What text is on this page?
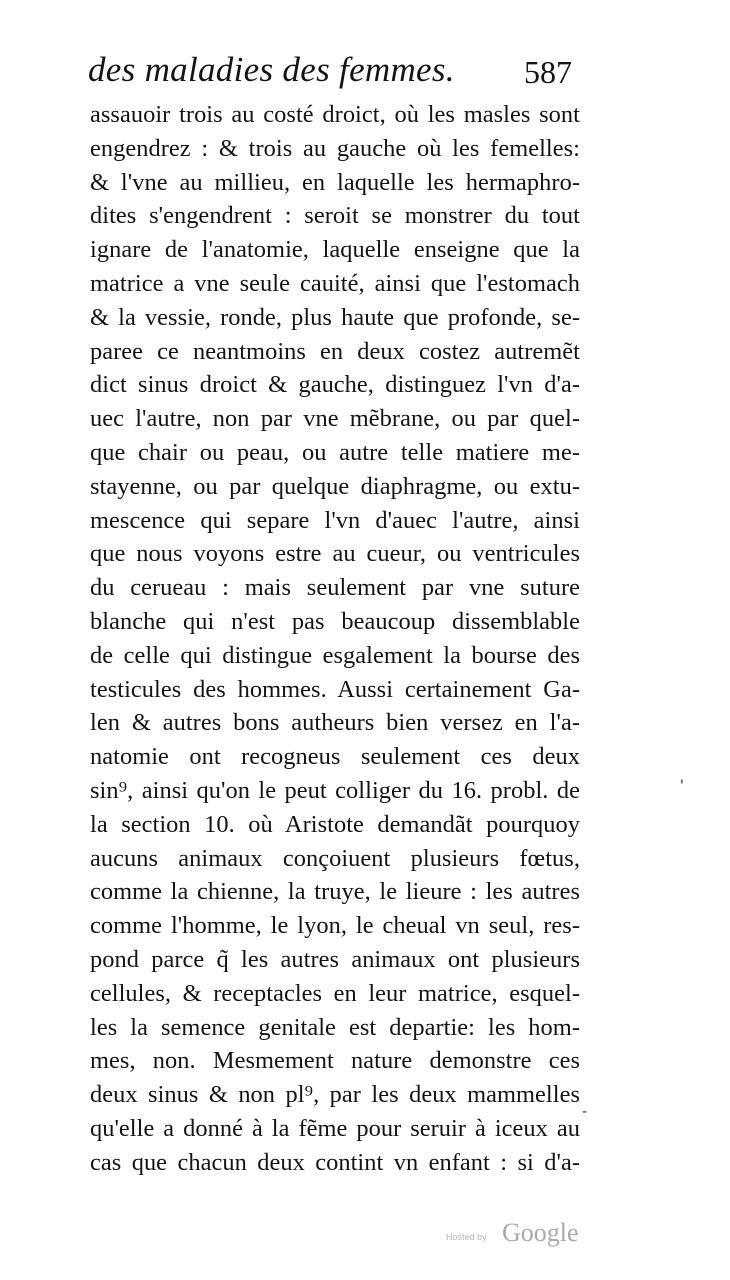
des maladies des femmes. 587
assauoir trois au costé droict, où les masles sont
engendrez : & trois au gauche où les femelles:
& l'vne au millieu, en laquelle les hermaphro-
dites s'engendrent : seroit se monstrer du tout
ignare de l'anatomie, laquelle enseigne que la
matrice a vne seule cauité, ainsi que l'estomach
& la vessie, ronde, plus haute que profonde, se-
paree ce neantmoins en deux costez autremẽt
dict sinus droict & gauche, distinguez l'vn d'a-
uec l'autre, non par vne mẽbrane, ou par quel-
que chair ou peau, ou autre telle matiere me-
stayenne, ou par quelque diaphragme, ou extu-
mescence qui separe l'vn d'auec l'autre, ainsi
que nous voyons estre au cueur, ou ventricules
du cerueau : mais seulement par vne suture
blanche qui n'est pas beaucoup dissemblable
de celle qui distingue esgalement la bourse des
testicules des hommes. Aussi certainement Ga-
len & autres bons autheurs bien versez en l'a-
natomie ont recogneus seulement ces deux
sin⁹, ainsi qu'on le peut colliger du 16. probl. de
la section 10. où Aristote demandãt pourquoy
aucuns animaux conçoiuent plusieurs fœtus,
comme la chienne, la truye, le lieure : les autres
comme l'homme, le lyon, le cheual vn seul, res-
pond parce q̃ les autres animaux ont plusieurs
cellules, & receptacles en leur matrice, esquel-
les la semence genitale est departie: les hom-
mes, non. Mesmement nature demonstre ces
deux sinus & non pl⁹, par les deux mammelles
qu'elle a donné à la fẽme pour seruir à iceux au
cas que chacun deux contint vn enfant : si d'a-
'
-
Hosted by Google
